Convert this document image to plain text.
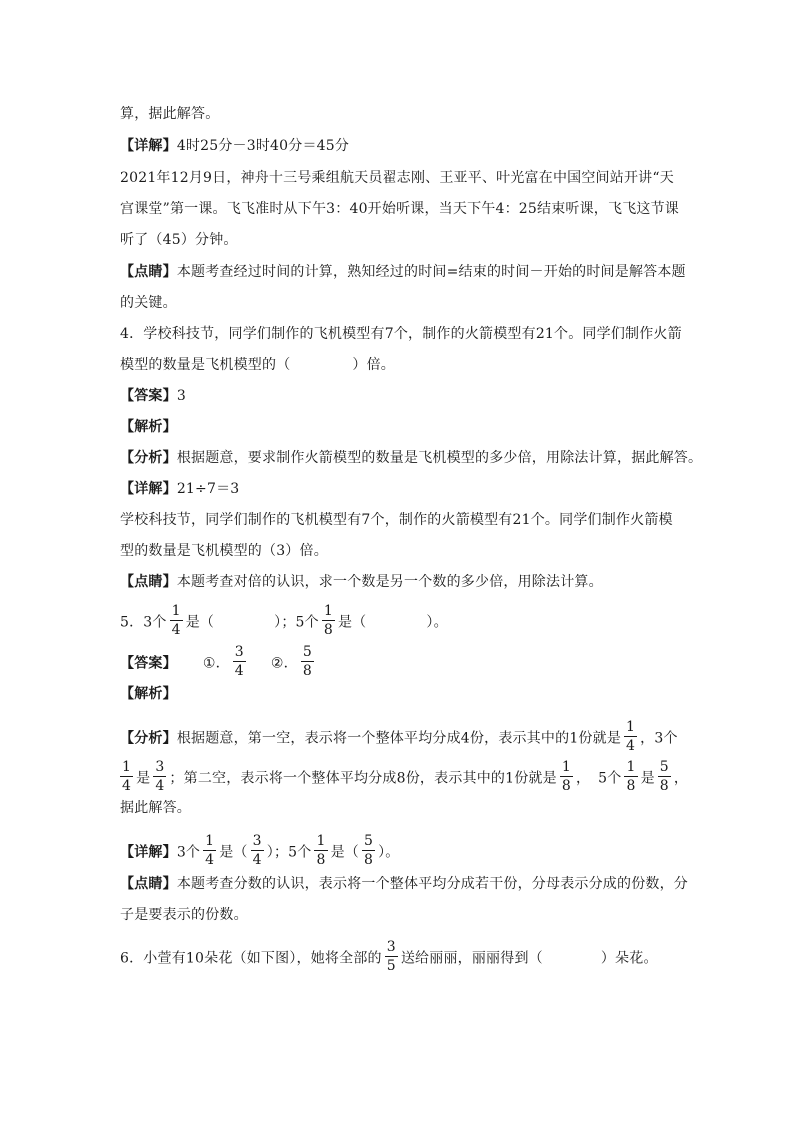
算，据此解答。
【详解】4时25分－3时40分＝45分
2021年12月9日，神舟十三号乘组航天员翟志刚、王亚平、叶光富在中国空间站开讲“天
宫课堂”第一课。飞飞准时从下午3：40开始听课，当天下午4：25结束听课，飞飞这节课
听了（45）分钟。
【点睛】本题考查经过时间的计算，熟知经过的时间=结束的时间－开始的时间是解答本题
的关键。
4．学校科技节，同学们制作的飞机模型有7个，制作的火箭模型有21个。同学们制作火箭
模型的数量是飞机模型的（	）倍。
【答案】3
【解析】
【分析】根据题意，要求制作火箭模型的数量是飞机模型的多少倍，用除法计算，据此解答。
【详解】21÷7＝3
学校科技节，同学们制作的飞机模型有7个，制作的火箭模型有21个。同学们制作火箭模
型的数量是飞机模型的（3）倍。
【点睛】本题考查对倍的认识，求一个数是另一个数的多少倍，用除法计算。
5．3个 $\frac{1}{4}$ 是（	）；5个 $\frac{1}{8}$ 是（	）。
【答案】 ①． $\frac{3}{4}$ ②． $\frac{5}{8}$
【解析】
【分析】根据题意，第一空，表示将一个整体平均分成4份，表示其中的1份就是 $\frac{1}{4}$ ，3个
$\frac{1}{4}$ 是 $\frac{3}{4}$ ；第二空，表示将一个整体平均分成8份，表示其中的1份就是 $\frac{1}{8}$ ， 5个 $\frac{1}{8}$ 是 $\frac{5}{8}$ ，
据此解答。
【详解】3个 $\frac{1}{4}$ 是（ $\frac{3}{4}$ ）；5个 $\frac{1}{8}$ 是（ $\frac{5}{8}$ ）。
【点睛】本题考查分数的认识，表示将一个整体平均分成若干份，分母表示分成的份数，分
子是要表示的份数。
6．小萱有10朵花（如下图），她将全部的 $\frac{3}{5}$ 送给丽丽，丽丽得到（	）朵花。
